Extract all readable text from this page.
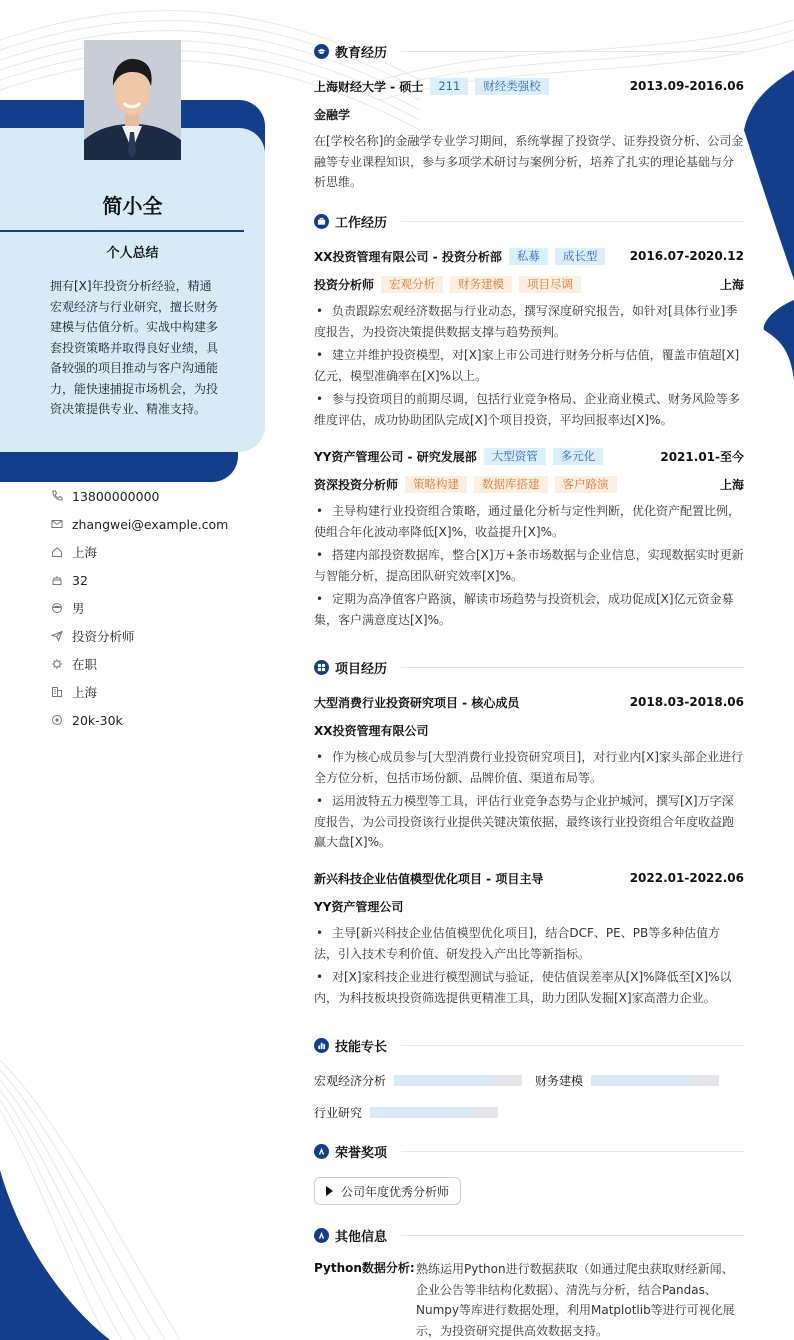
简小全
个人总结
拥有[X]年投资分析经验，精通宏观经济与行业研究，擅长财务建模与估值分析。实战中构建多套投资策略并取得良好业绩，具备较强的项目推动与客户沟通能力，能快速捕捉市场机会，为投资决策提供专业、精准支持。
13800000000
zhangwei@example.com
上海
32
男
投资分析师
在职
上海
20k-30k
教育经历
上海财经大学 - 硕士	211	财经类强校	2013.09-2016.06
金融学
在[学校名称]的金融学专业学习期间，系统掌握了投资学、证券投资分析、公司金融等专业课程知识，参与多项学术研讨与案例分析，培养了扎实的理论基础与分析思维。
工作经历
XX投资管理有限公司 - 投资分析部	私募	成长型	2016.07-2020.12
投资分析师	宏观分析	财务建模	项目尽调	上海
• 负责跟踪宏观经济数据与行业动态，撰写深度研究报告，如针对[具体行业]季度报告，为投资决策提供数据支撑与趋势预判。
• 建立并维护投资模型，对[X]家上市公司进行财务分析与估值，覆盖市值超[X]亿元，模型准确率在[X]%以上。
• 参与投资项目的前期尽调，包括行业竞争格局、企业商业模式、财务风险等多维度评估，成功协助团队完成[X]个项目投资，平均回报率达[X]%。
YY资产管理公司 - 研究发展部	大型资管	多元化	2021.01-至今
资深投资分析师	策略构建	数据库搭建	客户路演	上海
• 主导构建行业投资组合策略，通过量化分析与定性判断，优化资产配置比例，使组合年化波动率降低[X]%，收益提升[X]%。
• 搭建内部投资数据库，整合[X]万+条市场数据与企业信息，实现数据实时更新与智能分析，提高团队研究效率[X]%。
• 定期为高净值客户路演，解读市场趋势与投资机会，成功促成[X]亿元资金募集，客户满意度达[X]%。
项目经历
大型消费行业投资研究项目 - 核心成员	2018.03-2018.06
XX投资管理有限公司
• 作为核心成员参与[大型消费行业投资研究项目]，对行业内[X]家头部企业进行全方位分析，包括市场份额、品牌价值、渠道布局等。
• 运用波特五力模型等工具，评估行业竞争态势与企业护城河，撰写[X]万字深度报告，为公司投资该行业提供关键决策依据，最终该行业投资组合年度收益跑赢大盘[X]%。
新兴科技企业估值模型优化项目 - 项目主导	2022.01-2022.06
YY资产管理公司
• 主导[新兴科技企业估值模型优化项目]，结合DCF、PE、PB等多种估值方法，引入技术专利价值、研发投入产出比等新指标。
• 对[X]家科技企业进行模型测试与验证，使估值误差率从[X]%降低至[X]%以内，为科技板块投资筛选提供更精准工具，助力团队发掘[X]家高潜力企业。
技能专长
宏观经济分析	财务建模
行业研究
荣誉奖项
公司年度优秀分析师
其他信息
Python数据分析: 熟练运用Python进行数据获取（如通过爬虫获取财经新闻、企业公告等非结构化数据）、清洗与分析，结合Pandas、Numpy等库进行数据处理，利用Matplotlib等进行可视化展示，为投资研究提供高效数据支持。
